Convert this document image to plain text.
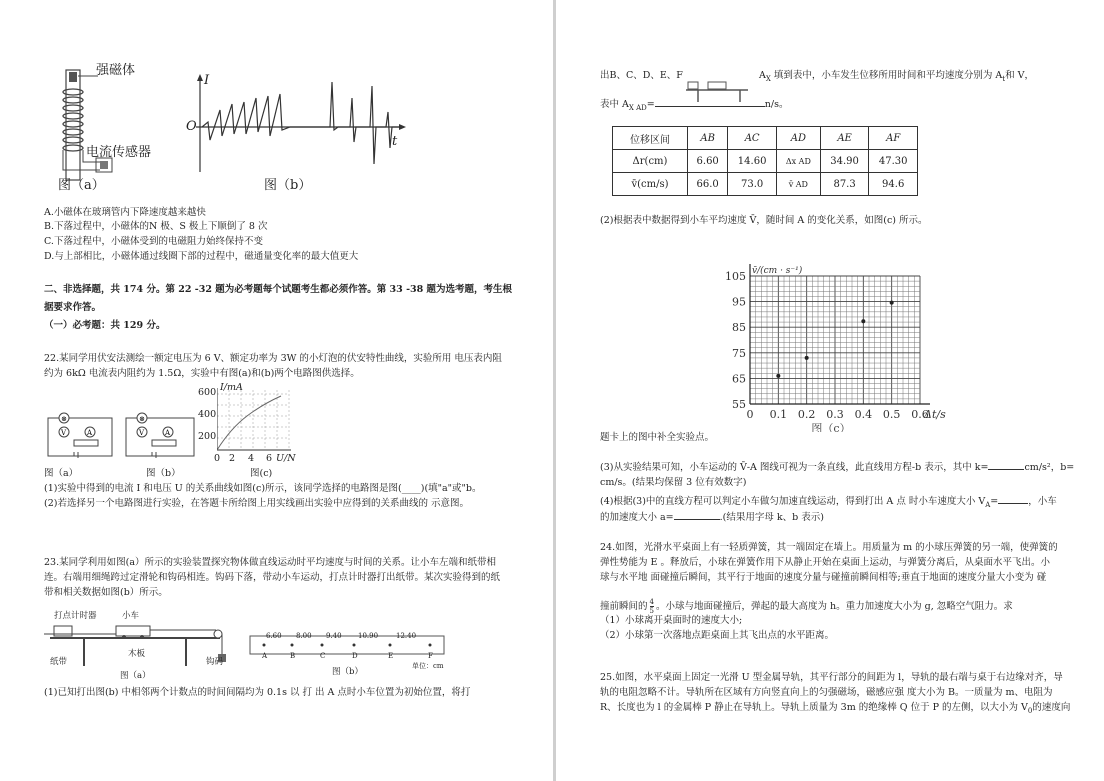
强磁体
电流传感器
图（a）
I
O
t
图（b）
A.小磁体在玻璃管内下降速度越来越快
B.下落过程中，小磁体的N 极、S 极上下顺倒了 8 次
C.下落过程中，小磁体受到的电磁阻力始终保持不变
D.与上部相比，小磁体通过线圈下部的过程中，磁通量变化率的最大值更大
二、非选择题，共 174 分。第 22 -32 题为必考题每个试题考生都必须作答。第 33 -38 题为选考题，考生根
据要求作答。
（一）必考题：共 129 分。
22.某同学用伏安法测绘一额定电压为 6 V、额定功率为 3W 的小灯泡的伏安特性曲线，实验所用 电压表内阻
约为 6kΩ 电流表内阻约为 1.5Ω，实验中有图(a)和(b)两个电路图供选择。
⊗
V	A
⊗
V	A
I/mA
600
400
200
0 2 4 6 U/N
图（a）	图（b）	图(c)
(1)实验中得到的电流 I 和电压 U 的关系曲线如图(c)所示，该同学选择的电路图是图(____)(填"a"或"b。
(2)若选择另一个电路图进行实验，在答题卡所给图上用实线画出实验中应得到的关系曲线的 示意图。
23.某同学利用如图(a）所示的实验装置探究物体做直线运动时平均速度与时间的关系。让小车左端和纸带相
连。右端用细绳跨过定滑轮和钩码相连。钩码下落，带动小车运动，打点计时器打出纸带。某次实验得到的纸
带和相关数据如图(b）所示。
打点计时器	小车
纸带
木板
钩码
6.60 8.00 9.40 10.90	12.40
A	B	C	D	E	F
单位：cm
图（a）	图（b）
(1)已知打出图(b) 中相邻两个计数点的时间间隔均为 0.1s 以 打 出 A 点时小车位置为初始位置，将打
出B、C、D、E、F	$A_X$ 填到表中，小车发生位移所用时间和平均速度分别为 $A_t$和 V，
表中 $A_{X AD}=$	n/s。
位移区间	AB	AC	AD	AE	AF
Δr(cm)	6.60	14.60	Δx AD	34.90	47.30
v̄(cm/s)	66.0	73.0	v̄ AD	87.3	94.6
(2)根据表中数据得到小车平均速度 V̄，随时间 A 的变化关系，如图(c) 所示。
55
65
75
85
95
105
0 0.1 0.2 0.3 0.4 0.5 0.6
v̄/(cm · s⁻¹)
Δt/s
图（c）
题卡上的图中补全实验点。
(3)从实验结果可知，小车运动的 V̄-A 图线可视为一条直线，此直线用方程-b 表示，其中 k=	cm/s²，b=
cm/s。(结果均保留 3 位有效数字)
(4)根据(3)中的直线方程可以判定小车做匀加速直线运动，得到打出 A 点 时小车速度大小 $V_A=$	，小车
的加速度大小 a=	.(结果用字母 k、b 表示)
24.如图，光滑水平桌面上有一轻质弹簧，其一端固定在墙上。用质量为 m 的小球压弹簧的另一端，使弹簧的
弹性势能为 E 。释放后，小球在弹簧作用下从静止开始在桌面上运动，与弹簧分离后，从桌面水平飞出。小
球与水平地 面碰撞后瞬间，其平行于地面的速度分量与碰撞前瞬间相等;垂直于地面的速度分量大小变为 碰
撞前瞬间的 $\frac{4}{5}$ 。小球与地面碰撞后，弹起的最大高度为 h。重力加速度大小为 g, 忽略空气阻力。求
（1）小球离开桌面时的速度大小;
（2）小球第一次落地点距桌面上其飞出点的水平距离。
25.如图，水平桌面上固定一光滑 U 型金属导轨，其平行部分的间距为 l，导轨的最右端与桌于右边缘对齐，导
轨的电阻忽略不计。导轨所在区域有方向竖直向上的匀强磁场，磁感应强 度大小为 B。一质量为 m、电阻为
R、长度也为 l 的金属棒 P 静止在导轨上。导轨上质量为 3m 的绝缘棒 Q 位于 P 的左侧，以大小为 $V_0$的速度向
